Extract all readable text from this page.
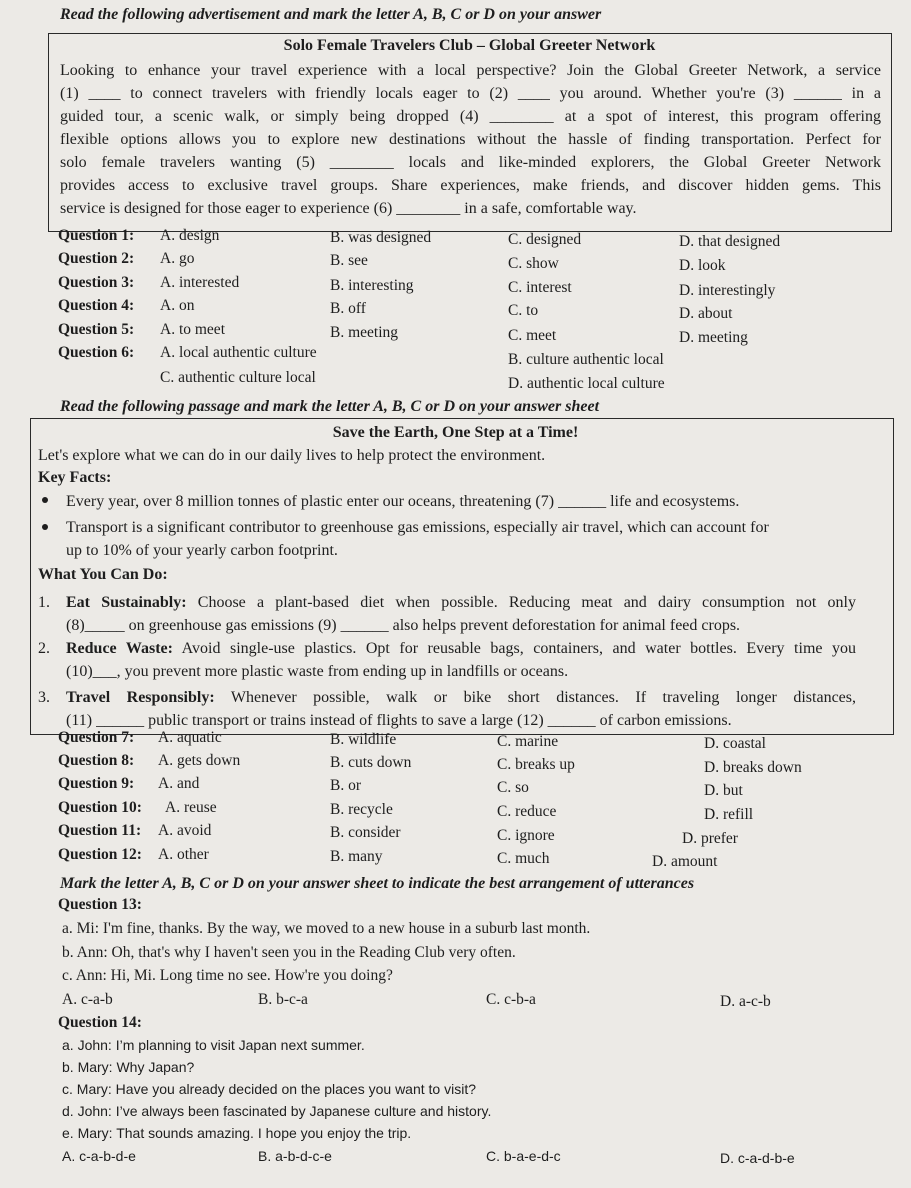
Read the following advertisement and mark the letter A, B, C or D on your answer
Solo Female Travelers Club – Global Greeter Network
Looking to enhance your travel experience with a local perspective? Join the Global Greeter Network, a service
(1) ____ to connect travelers with friendly locals eager to (2) ____ you around. Whether you're (3) ______ in a
guided tour, a scenic walk, or simply being dropped (4) ________ at a spot of interest, this program offering
flexible options allows you to explore new destinations without the hassle of finding transportation. Perfect for
solo female travelers wanting (5) ________ locals and like-minded explorers, the Global Greeter Network
provides access to exclusive travel groups. Share experiences, make friends, and discover hidden gems. This
service is designed for those eager to experience (6) ________ in a safe, comfortable way.
Question 1: A. design	B. was designed	C. designed	D. that designed
Question 2: A. go	B. see	C. show	D. look
Question 3: A. interested	B. interesting	C. interest	D. interestingly
Question 4: A. on	B. off	C. to	D. about
Question 5: A. to meet	B. meeting	C. meet	D. meeting
Question 6: A. local authentic culture	B. culture authentic local
C. authentic culture local	D. authentic local culture
Read the following passage and mark the letter A, B, C or D on your answer sheet
Save the Earth, One Step at a Time!
Let's explore what we can do in our daily lives to help protect the environment.
Key Facts:
Every year, over 8 million tonnes of plastic enter our oceans, threatening (7) ______ life and ecosystems.
Transport is a significant contributor to greenhouse gas emissions, especially air travel, which can account for
up to 10% of your yearly carbon footprint.
What You Can Do:
1. Eat Sustainably: Choose a plant-based diet when possible. Reducing meat and dairy consumption not only
(8)_____ on greenhouse gas emissions (9) ______ also helps prevent deforestation for animal feed crops.
2. Reduce Waste: Avoid single-use plastics. Opt for reusable bags, containers, and water bottles. Every time you
(10)___, you prevent more plastic waste from ending up in landfills or oceans.
3. Travel Responsibly: Whenever possible, walk or bike short distances. If traveling longer distances,
(11) ______ public transport or trains instead of flights to save a large (12) ______ of carbon emissions.
Question 7: A. aquatic	B. wildlife	C. marine	D. coastal
Question 8: A. gets down	B. cuts down	C. breaks up	D. breaks down
Question 9: A. and	B. or	C. so	D. but
Question 10: A. reuse	B. recycle	C. reduce	D. refill
Question 11: A. avoid	B. consider	C. ignore	D. prefer
Question 12: A. other	B. many	C. much	D. amount
Mark the letter A, B, C or D on your answer sheet to indicate the best arrangement of utterances
Question 13:
a. Mi: I'm fine, thanks. By the way, we moved to a new house in a suburb last month.
b. Ann: Oh, that's why I haven't seen you in the Reading Club very often.
c. Ann: Hi, Mi. Long time no see. How're you doing?
A. c-a-b	B. b-c-a	C. c-b-a	D. a-c-b
Question 14:
a. John: I’m planning to visit Japan next summer.
b. Mary: Why Japan?
c. Mary: Have you already decided on the places you want to visit?
d. John: I’ve always been fascinated by Japanese culture and history.
e. Mary: That sounds amazing. I hope you enjoy the trip.
A. c-a-b-d-e	B. a-b-d-c-e	C. b-a-e-d-c	D. c-a-d-b-e
